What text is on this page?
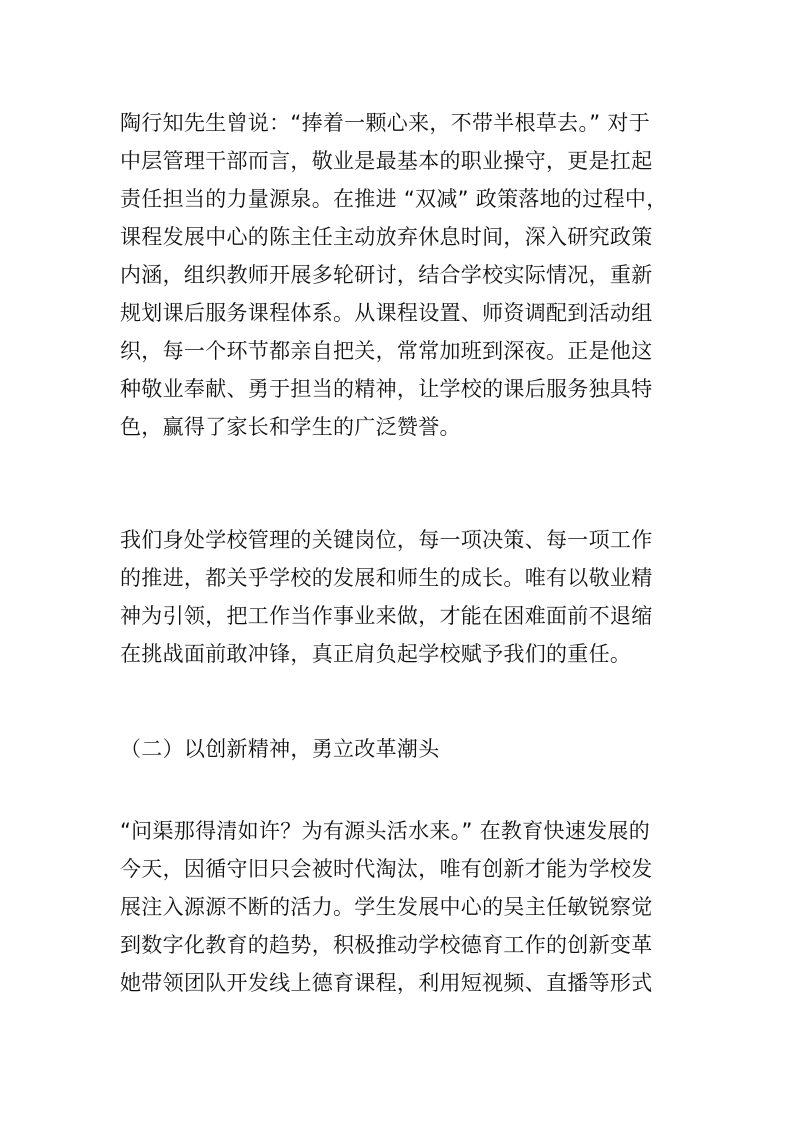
陶行知先生曾说：“捧着一颗心来，不带半根草去。” 对于
中层管理干部而言，敬业是最基本的职业操守，更是扛起
责任担当的力量源泉。在推进 “双减” 政策落地的过程中，
课程发展中心的陈主任主动放弃休息时间，深入研究政策
内涵，组织教师开展多轮研讨，结合学校实际情况，重新
规划课后服务课程体系。从课程设置、师资调配到活动组
织，每一个环节都亲自把关，常常加班到深夜。正是他这
种敬业奉献、勇于担当的精神，让学校的课后服务独具特
色，赢得了家长和学生的广泛赞誉。
我们身处学校管理的关键岗位，每一项决策、每一项工作
的推进，都关乎学校的发展和师生的成长。唯有以敬业精
神为引领，把工作当作事业来做，才能在困难面前不退缩
在挑战面前敢冲锋，真正肩负起学校赋予我们的重任。
（二）以创新精神，勇立改革潮头
“问渠那得清如许？为有源头活水来。” 在教育快速发展的
今天，因循守旧只会被时代淘汰，唯有创新才能为学校发
展注入源源不断的活力。学生发展中心的吴主任敏锐察觉
到数字化教育的趋势，积极推动学校德育工作的创新变革
她带领团队开发线上德育课程，利用短视频、直播等形式
